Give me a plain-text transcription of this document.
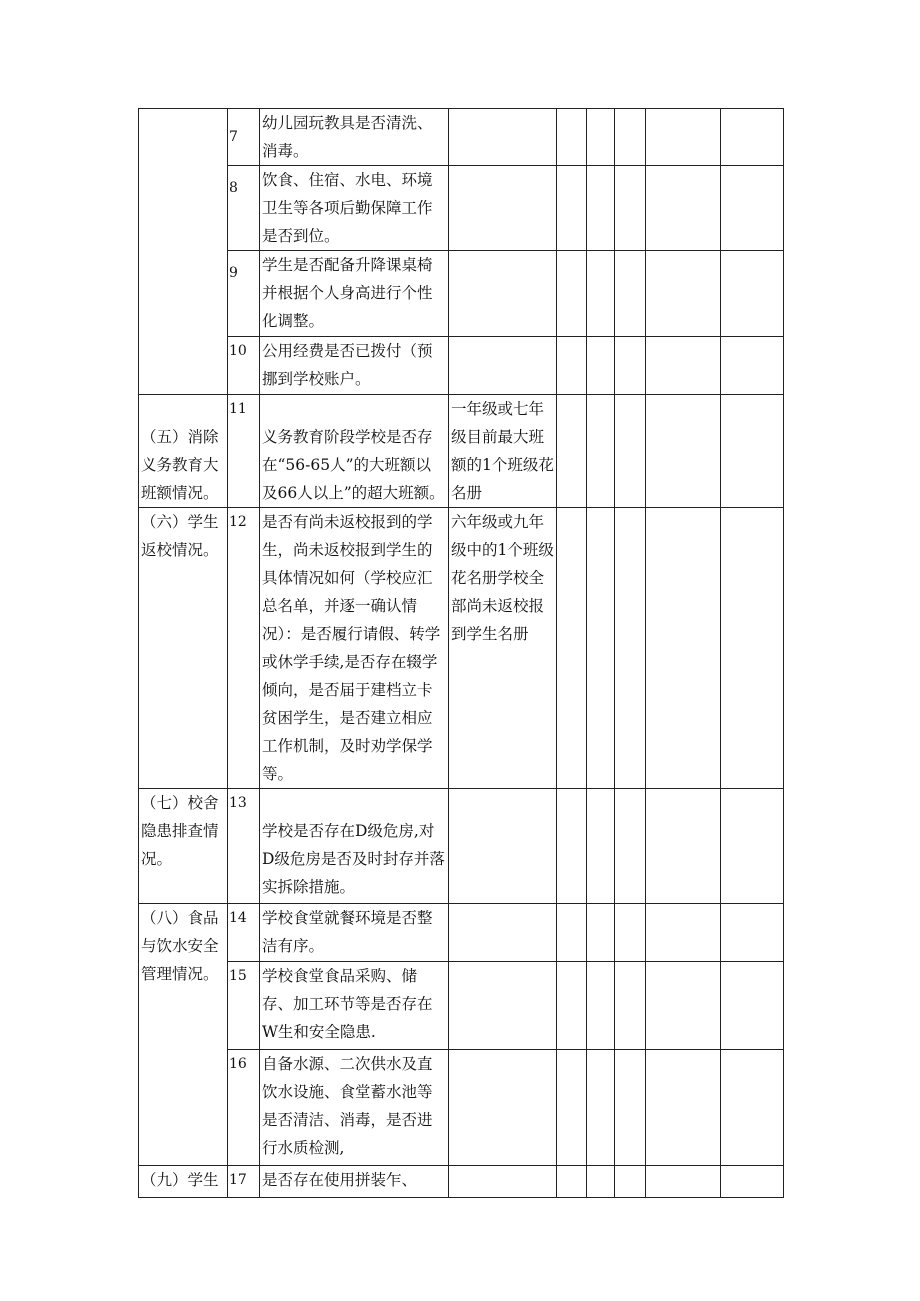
	7	幼儿园玩教具是否清洗、消毒。						
	8	饮食、住宿、水电、环境卫生等各项后勤保障工作是否到位。						
	9	学生是否配备升降课桌椅并根据个人身高进行个性化调整。						
	10	公用经费是否已拨付（预挪到学校账户。						
（五）消除义务教育大班额情况。	11	义务教育阶段学校是否存在“56-65人”的大班额以及66人以上”的超大班额。	一年级或七年级目前最大班额的1个班级花名册					
（六）学生返校情况。	12	是否有尚未返校报到的学生，尚未返校报到学生的具体情况如何（学校应汇总名单，并逐一确认情况）：是否履行请假、转学或休学手续,是否存在辍学倾向，是否届于建档立卡贫困学生，是否建立相应工作机制，及时劝学保学等。	六年级或九年级中的1个班级花名册学校全部尚未返校报到学生名册					
（七）校舍隐患排查情况。	13	学校是否存在D级危房,对D级危房是否及时封存并落实拆除措施。						
（八）食品与饮水安全管理情况。	14	学校食堂就餐环境是否整洁有序。						
	15	学校食堂食品采购、储存、加工环节等是否存在W生和安全隐患.						
	16	自备水源、二次供水及直饮水设施、食堂蓄水池等是否清洁、消毒，是否进行水质检测,						
（九）学生	17	是否存在使用拼装乍、						
